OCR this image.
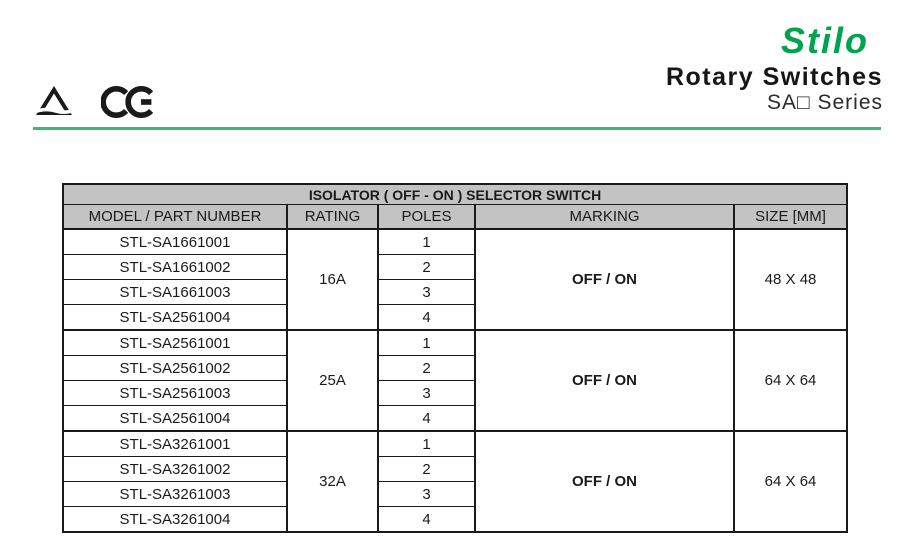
Stilo
Rotary Switches
SA□ Series
ISOLATOR ( OFF - ON ) SELECTOR SWITCH				
MODEL / PART NUMBER	RATING	POLES	MARKING	SIZE [MM]
STL-SA1661001	16A	1	OFF / ON	48 X 48
STL-SA1661002		2		
STL-SA1661003		3		
STL-SA2561004		4		
STL-SA2561001	25A	1	OFF / ON	64 X 64
STL-SA2561002		2		
STL-SA2561003		3		
STL-SA2561004		4		
STL-SA3261001	32A	1	OFF / ON	64 X 64
STL-SA3261002		2		
STL-SA3261003		3		
STL-SA3261004		4		
